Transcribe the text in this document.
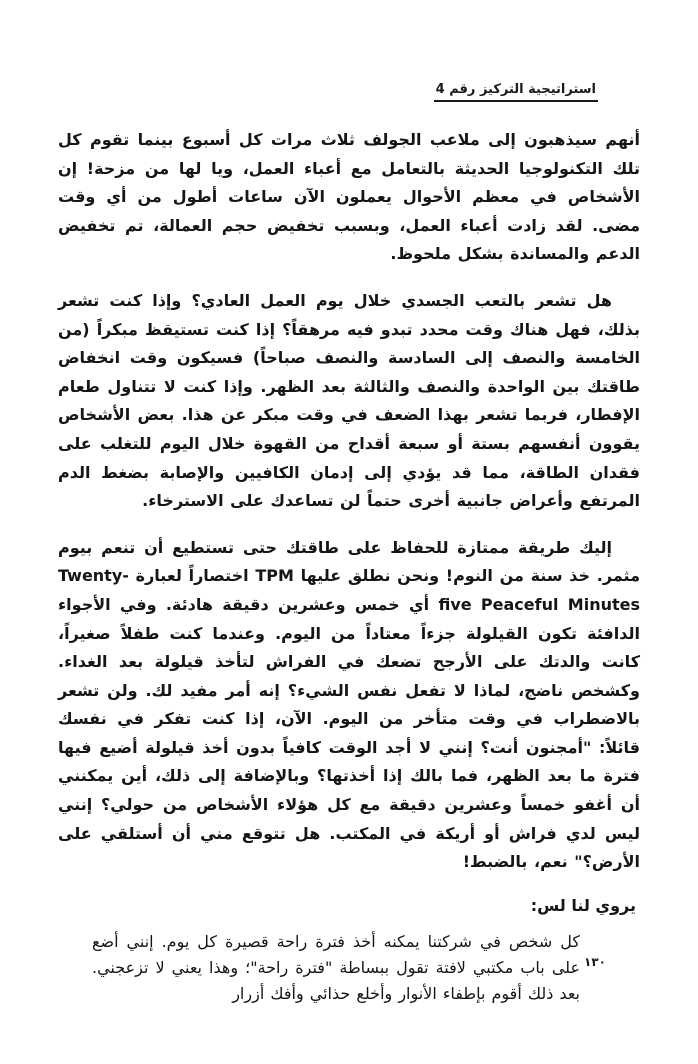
استراتيجية التركيز رقم 4

أنهم سيذهبون إلى ملاعب الجولف ثلاث مرات كل أسبوع بينما تقوم كل تلك التكنولوجيا الحديثة بالتعامل مع أعباء العمل، ويا لها من مزحة! إن الأشخاص في معظم الأحوال يعملون الآن ساعات أطول من أي وقت مضى. لقد زادت أعباء العمل، وبسبب تخفيض حجم العمالة، تم تخفيض الدعم والمساندة بشكل ملحوظ.

هل تشعر بالتعب الجسدي خلال يوم العمل العادي؟ وإذا كنت تشعر بذلك، فهل هناك وقت محدد تبدو فيه مرهقاً؟ إذا كنت تستيقظ مبكراً (من الخامسة والنصف إلى السادسة والنصف صباحاً) فسيكون وقت انخفاض طاقتك بين الواحدة والنصف والثالثة بعد الظهر. وإذا كنت لا تتناول طعام الإفطار، فربما تشعر بهذا الضعف في وقت مبكر عن هذا. بعض الأشخاص يقوون أنفسهم بستة أو سبعة أقداح من القهوة خلال اليوم للتغلب على فقدان الطاقة، مما قد يؤدي إلى إدمان الكافيين والإصابة بضغط الدم المرتفع وأعراض جانبية أخرى حتماً لن تساعدك على الاسترخاء.

إليك طريقة ممتازة للحفاظ على طاقتك حتى تستطيع أن تنعم بيوم مثمر. خذ سنة من النوم! ونحن نطلق عليها TPM اختصاراً لعبارة Twenty-five Peaceful Minutes أي خمس وعشرين دقيقة هادئة. وفي الأجواء الدافئة تكون القيلولة جزءاً معتاداً من اليوم. وعندما كنت طفلاً صغيراً، كانت والدتك على الأرجح تضعك في الفراش لتأخذ قيلولة بعد الغداء. وكشخص ناضج، لماذا لا تفعل نفس الشيء؟ إنه أمر مفيد لك. ولن تشعر بالاضطراب في وقت متأخر من اليوم. الآن، إذا كنت تفكر في نفسك قائلاً: "أمجنون أنت؟ إنني لا أجد الوقت كافياً بدون أخذ قيلولة أضيع فيها فترة ما بعد الظهر، فما بالك إذا أخذتها؟ وبالإضافة إلى ذلك، أين يمكنني أن أغفو خمساً وعشرين دقيقة مع كل هؤلاء الأشخاص من حولي؟ إنني ليس لدي فراش أو أريكة في المكتب. هل تتوقع مني أن أستلقي على الأرض؟" نعم، بالضبط!

يروي لنا لس:

كل شخص في شركتنا يمكنه أخذ فترة راحة قصيرة كل يوم. إنني أضع على باب مكتبي لافتة تقول ببساطة "فترة راحة"؛ وهذا يعني لا تزعجني. بعد ذلك أقوم بإطفاء الأنوار وأخلع حذائي وأفك أزرار
١٣٠
